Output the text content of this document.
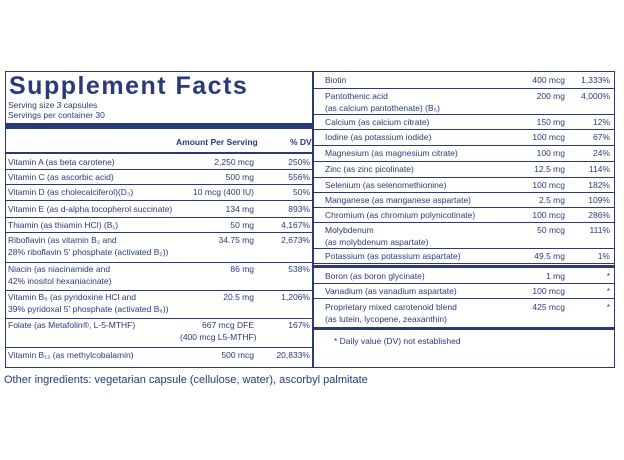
Supplement Facts
Serving size 3 capsules
Servings per container 30
Amount Per Serving	% DV
Vitamin A (as beta carotene)	2,250 mcg	250%
Vitamin C (as ascorbic acid)	500 mg	556%
Vitamin D (as cholecalciferol)(D₃)	10 mcg (400 IU)	50%
Vitamin E (as d-alpha tocopherol succinate)	134 mg	893%
Thiamin (as thiamin HCl) (B₁)	50 mg	4,167%
Riboflavin (as vitamin B₂ and
28% riboflavin 5' phosphate (activated B₂))
34.75 mg	2,673%
Niacin (as niacinamide and
42% inositol hexaniacinate)
86 mg	538%
Vitamin B₆ (as pyridoxine HCl and
39% pyridoxal 5' phosphate (activated B₆))
20.5 mg	1,206%
Folate (as Metafolin®, L-5-MTHF)	667 mcg DFE
(400 mcg L5-MTHF)
167%
Vitamin B₁₂ (as methylcobalamin)	500 mcg	20,833%
Biotin	400 mcg	1,333%
Pantothenic acid
(as calcium pantothenate) (B₅)
200 mg	4,000%
Calcium (as calcium citrate)	150 mg	12%
Iodine (as potassium iodide)	100 mcg	67%
Magnesium (as magnesium citrate)	100 mg	24%
Zinc (as zinc picolinate)	12.5 mg	114%
Selenium (as selenomethionine)	100 mcg	182%
Manganese (as manganese aspartate)	2.5 mg	109%
Chromium (as chromium polynicotinate)	100 mcg	286%
Molybdenum
(as molybdenum aspartate)
50 mcg	111%
Potassium (as potassium aspartate)	49.5 mg	1%
Boron (as boron glycinate)	1 mg	*
Vanadium (as vanadium aspartate)	100 mcg	*
Proprietary mixed carotenoid blend
(as lutein, lycopene, zeaxanthin)
425 mcg	*
* Daily value (DV) not established
Other ingredients: vegetarian capsule (cellulose, water), ascorbyl palmitate
